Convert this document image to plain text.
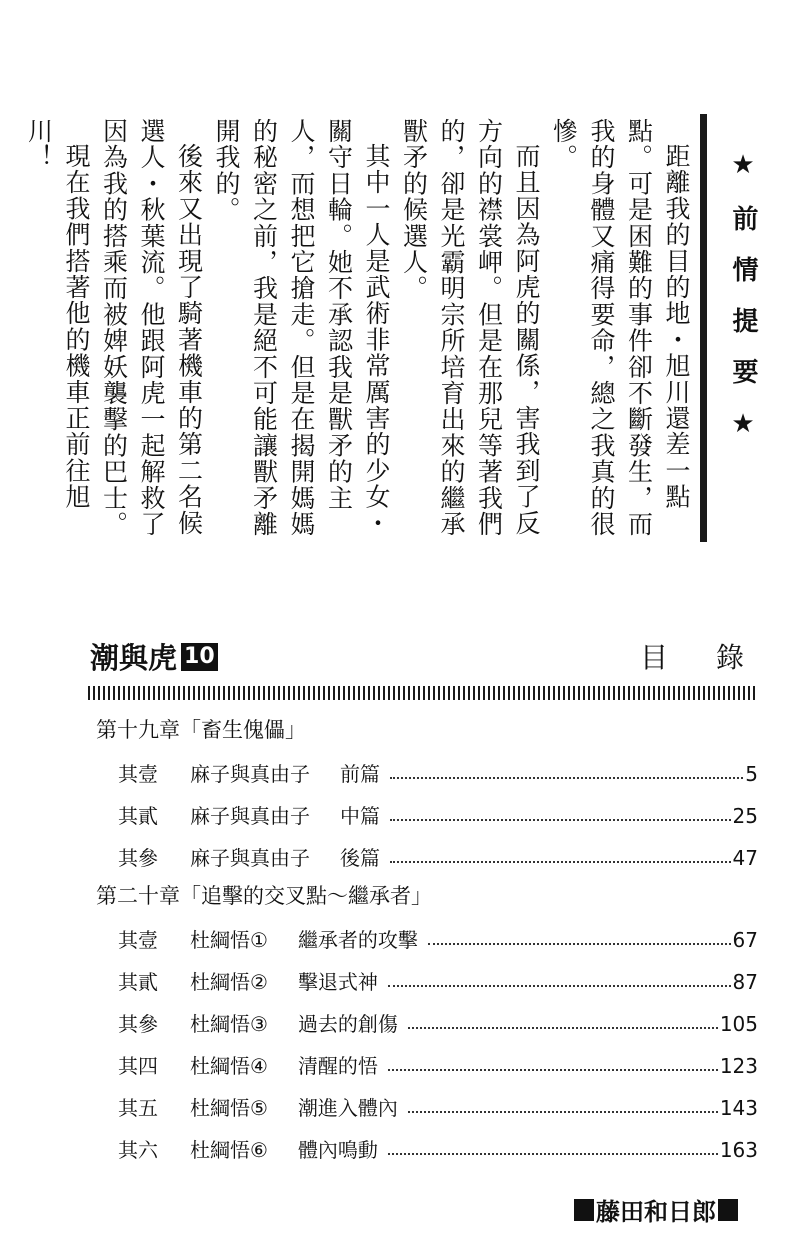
★前情提要★

距離我的目的地・旭川還差一點點。可是困難的事件卻不斷發生，而我的身體又痛得要命，總之我真的很慘。

而且因為阿虎的關係，害我到了反方向的襟裳岬。但是在那兒等著我們的，卻是光霸明宗所培育出來的繼承獸矛的候選人。

其中一人是武術非常厲害的少女・關守日輪。她不承認我是獸矛的主人，而想把它搶走。但是在揭開媽媽的秘密之前，我是絕不可能讓獸矛離開我的。

後來又出現了騎著機車的第二名候選人・秋葉流。他跟阿虎一起解救了因為我的搭乘而被婢妖襲擊的巴士。

現在我們搭著他的機車正前往旭川！

潮與虎 10	目錄
第十九章「畜生傀儡」
其壹	麻子與真由子 前篇	5
其貳	麻子與真由子 中篇	25
其參	麻子與真由子 後篇	47
第二十章「追擊的交叉點～繼承者」
其壹	杜綱悟① 繼承者的攻擊	67
其貳	杜綱悟② 擊退式神	87
其參	杜綱悟③ 過去的創傷	105
其四	杜綱悟④ 清醒的悟	123
其五	杜綱悟⑤ 潮進入體內	143
其六	杜綱悟⑥ 體內鳴動	163
藤田和日郎
